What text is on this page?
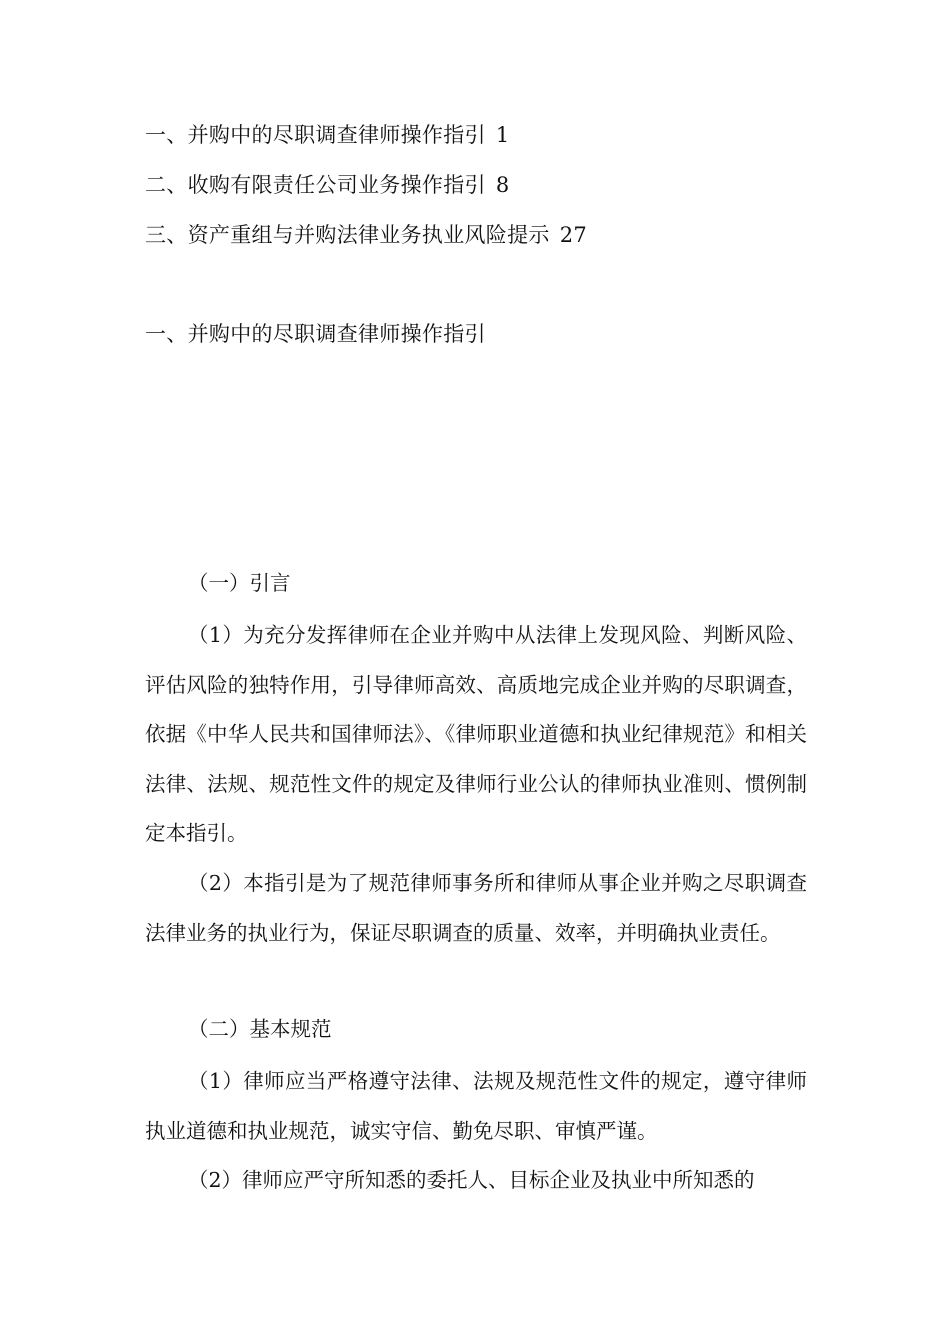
一、并购中的尽职调查律师操作指引 1
二、收购有限责任公司业务操作指引 8
三、资产重组与并购法律业务执业风险提示 27
一、并购中的尽职调查律师操作指引
（一）引言
（1）为充分发挥律师在企业并购中从法律上发现风险、判断风险、评估风险的独特作用，引导律师高效、高质地完成企业并购的尽职调查，依据《中华人民共和国律师法》、《律师职业道德和执业纪律规范》和相关法律、法规、规范性文件的规定及律师行业公认的律师执业准则、惯例制定本指引。
（2）本指引是为了规范律师事务所和律师从事企业并购之尽职调查法律业务的执业行为，保证尽职调查的质量、效率，并明确执业责任。
（二）基本规范
（1）律师应当严格遵守法律、法规及规范性文件的规定，遵守律师执业道德和执业规范，诚实守信、勤免尽职、审慎严谨。
（2）律师应严守所知悉的委托人、目标企业及执业中所知悉的
